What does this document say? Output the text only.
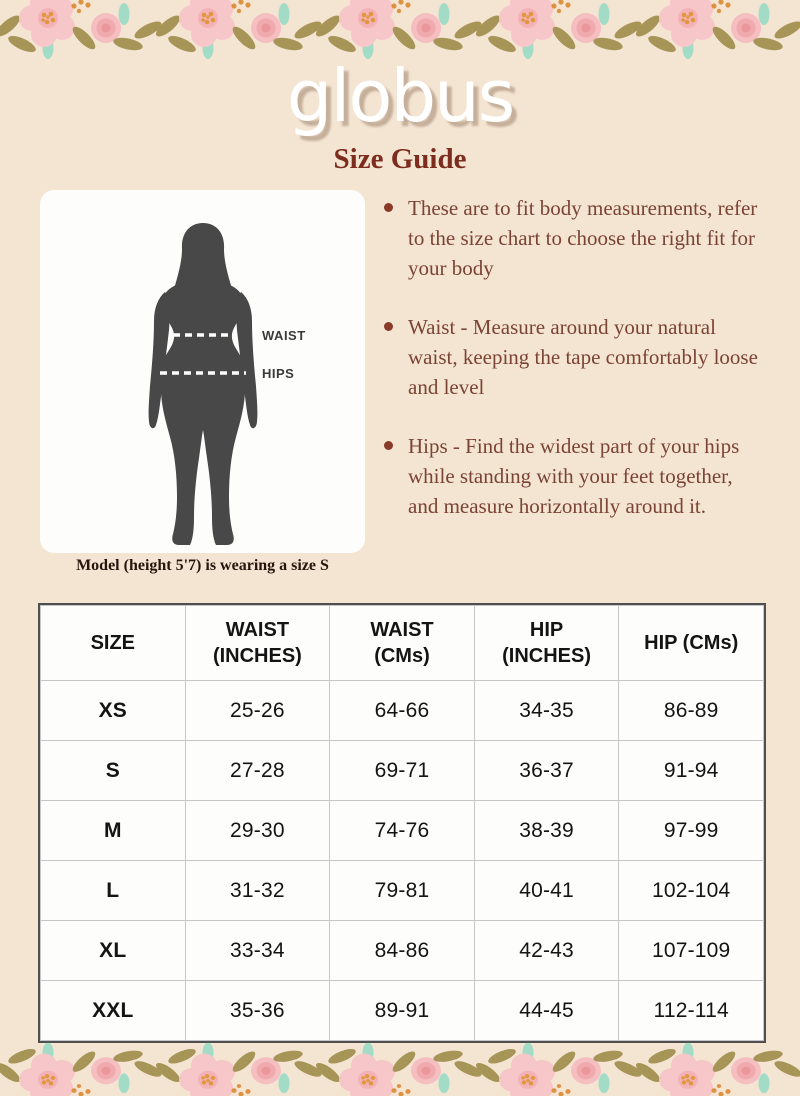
globus
Size Guide
WAIST
HIPS
Model (height 5'7) is wearing a size S
These are to fit body measurements, refer to the size chart to choose the right fit for your body
Waist - Measure around your natural waist, keeping the tape comfortably loose and level
Hips - Find the widest part of your hips while standing with your feet together, and measure horizontally around it.
SIZE	WAIST (INCHES)	WAIST (CMs)	HIP (INCHES)	HIP (CMs)
XS	25-26	64-66	34-35	86-89
S	27-28	69-71	36-37	91-94
M	29-30	74-76	38-39	97-99
L	31-32	79-81	40-41	102-104
XL	33-34	84-86	42-43	107-109
XXL	35-36	89-91	44-45	112-114
